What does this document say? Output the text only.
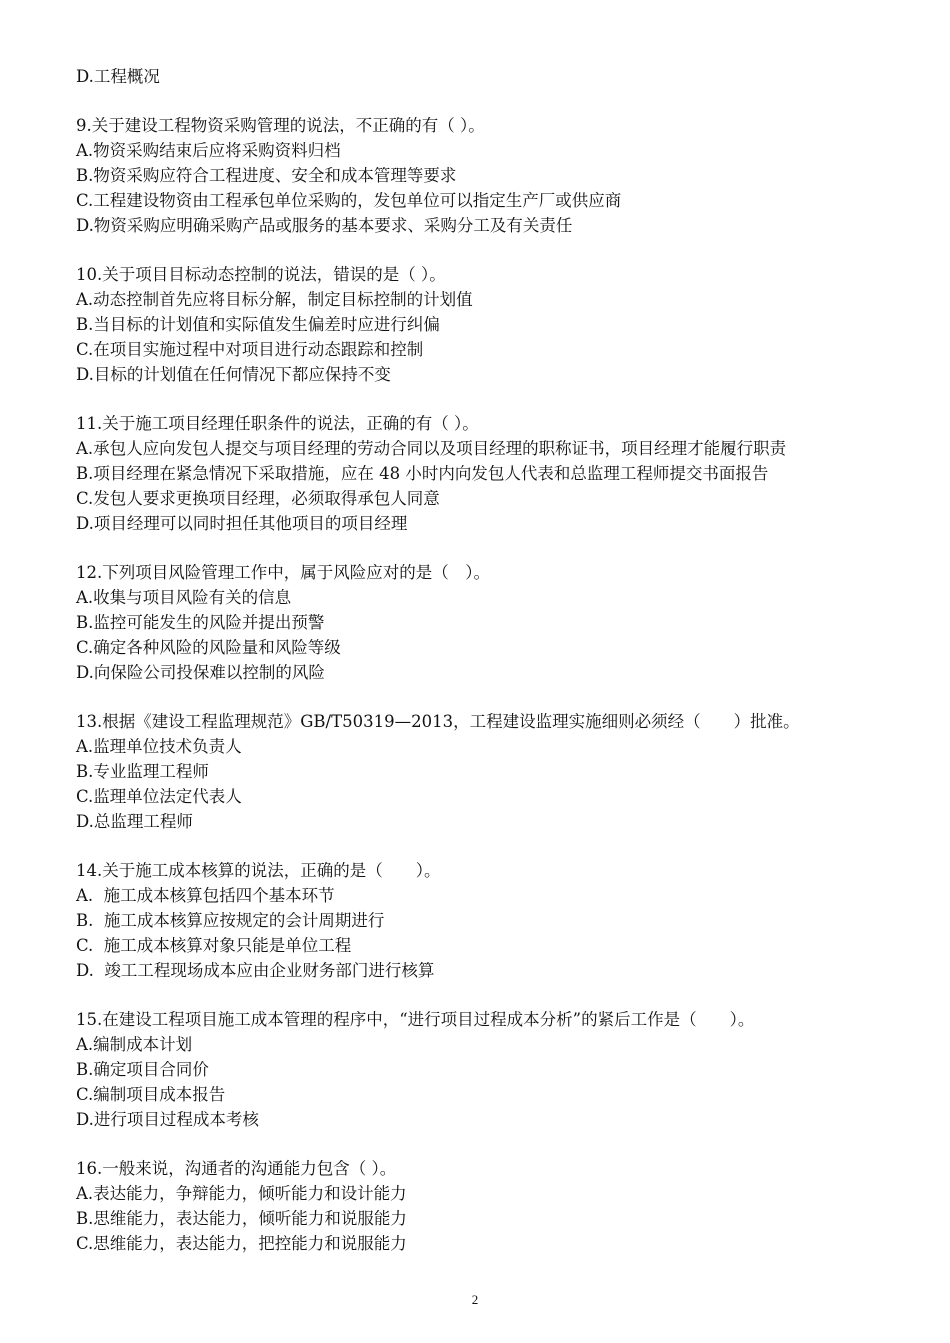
D.工程概况
9.关于建设工程物资采购管理的说法，不正确的有（ ）。
A.物资采购结束后应将采购资料归档
B.物资采购应符合工程进度、安全和成本管理等要求
C.工程建设物资由工程承包单位采购的，发包单位可以指定生产厂或供应商
D.物资采购应明确采购产品或服务的基本要求、采购分工及有关责任
10.关于项目目标动态控制的说法，错误的是（ ）。
A.动态控制首先应将目标分解，制定目标控制的计划值
B.当目标的计划值和实际值发生偏差时应进行纠偏
C.在项目实施过程中对项目进行动态跟踪和控制
D.目标的计划值在任何情况下都应保持不变
11.关于施工项目经理任职条件的说法，正确的有（ ）。
A.承包人应向发包人提交与项目经理的劳动合同以及项目经理的职称证书，项目经理才能履行职责
B.项目经理在紧急情况下采取措施，应在 48 小时内向发包人代表和总监理工程师提交书面报告
C.发包人要求更换项目经理，必须取得承包人同意
D.项目经理可以同时担任其他项目的项目经理
12.下列项目风险管理工作中，属于风险应对的是（　）。
A.收集与项目风险有关的信息
B.监控可能发生的风险并提出预警
C.确定各种风险的风险量和风险等级
D.向保险公司投保难以控制的风险
13.根据《建设工程监理规范》GB/T50319—2013，工程建设监理实施细则必须经（　　）批准。
A.监理单位技术负责人
B.专业监理工程师
C.监理单位法定代表人
D.总监理工程师
14.关于施工成本核算的说法，正确的是（　　）。
A.  施工成本核算包括四个基本环节
B.  施工成本核算应按规定的会计周期进行
C.  施工成本核算对象只能是单位工程
D.  竣工工程现场成本应由企业财务部门进行核算
15.在建设工程项目施工成本管理的程序中，“进行项目过程成本分析”的紧后工作是（　　）。
A.编制成本计划
B.确定项目合同价
C.编制项目成本报告
D.进行项目过程成本考核
16.一般来说，沟通者的沟通能力包含（ ）。
A.表达能力，争辩能力，倾听能力和设计能力
B.思维能力，表达能力，倾听能力和说服能力
C.思维能力，表达能力，把控能力和说服能力
2
